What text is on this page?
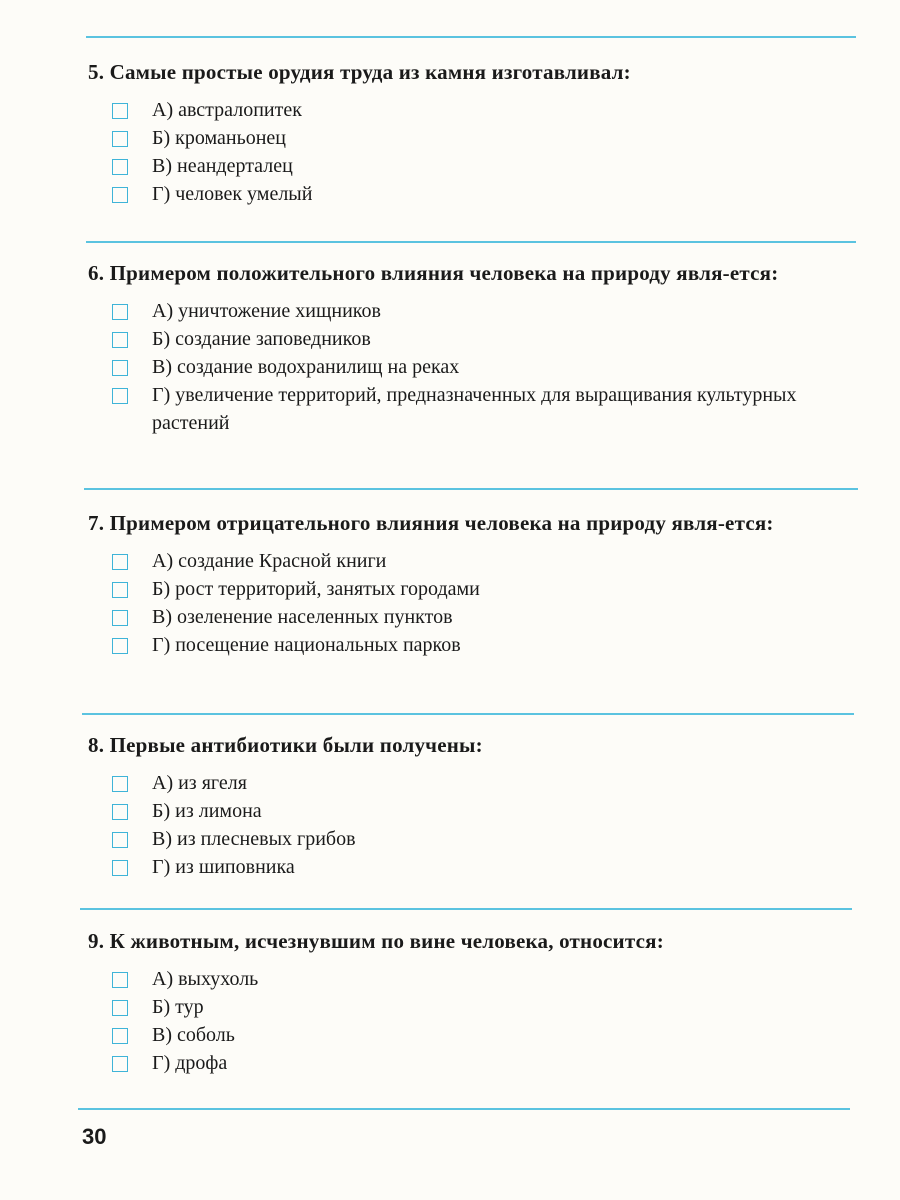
5. Самые простые орудия труда из камня изготавливал:
А) австралопитек
Б) кроманьонец
В) неандерталец
Г) человек умелый
6. Примером положительного влияния человека на природу явля-ется:
А) уничтожение хищников
Б) создание заповедников
В) создание водохранилищ на реках
Г) увеличение территорий, предназначенных для выращивания культурных растений
7. Примером отрицательного влияния человека на природу явля-ется:
А) создание Красной книги
Б) рост территорий, занятых городами
В) озеленение населенных пунктов
Г) посещение национальных парков
8. Первые антибиотики были получены:
А) из ягеля
Б) из лимона
В) из плесневых грибов
Г) из шиповника
9. К животным, исчезнувшим по вине человека, относится:
А) выхухоль
Б) тур
В) соболь
Г) дрофа
30
